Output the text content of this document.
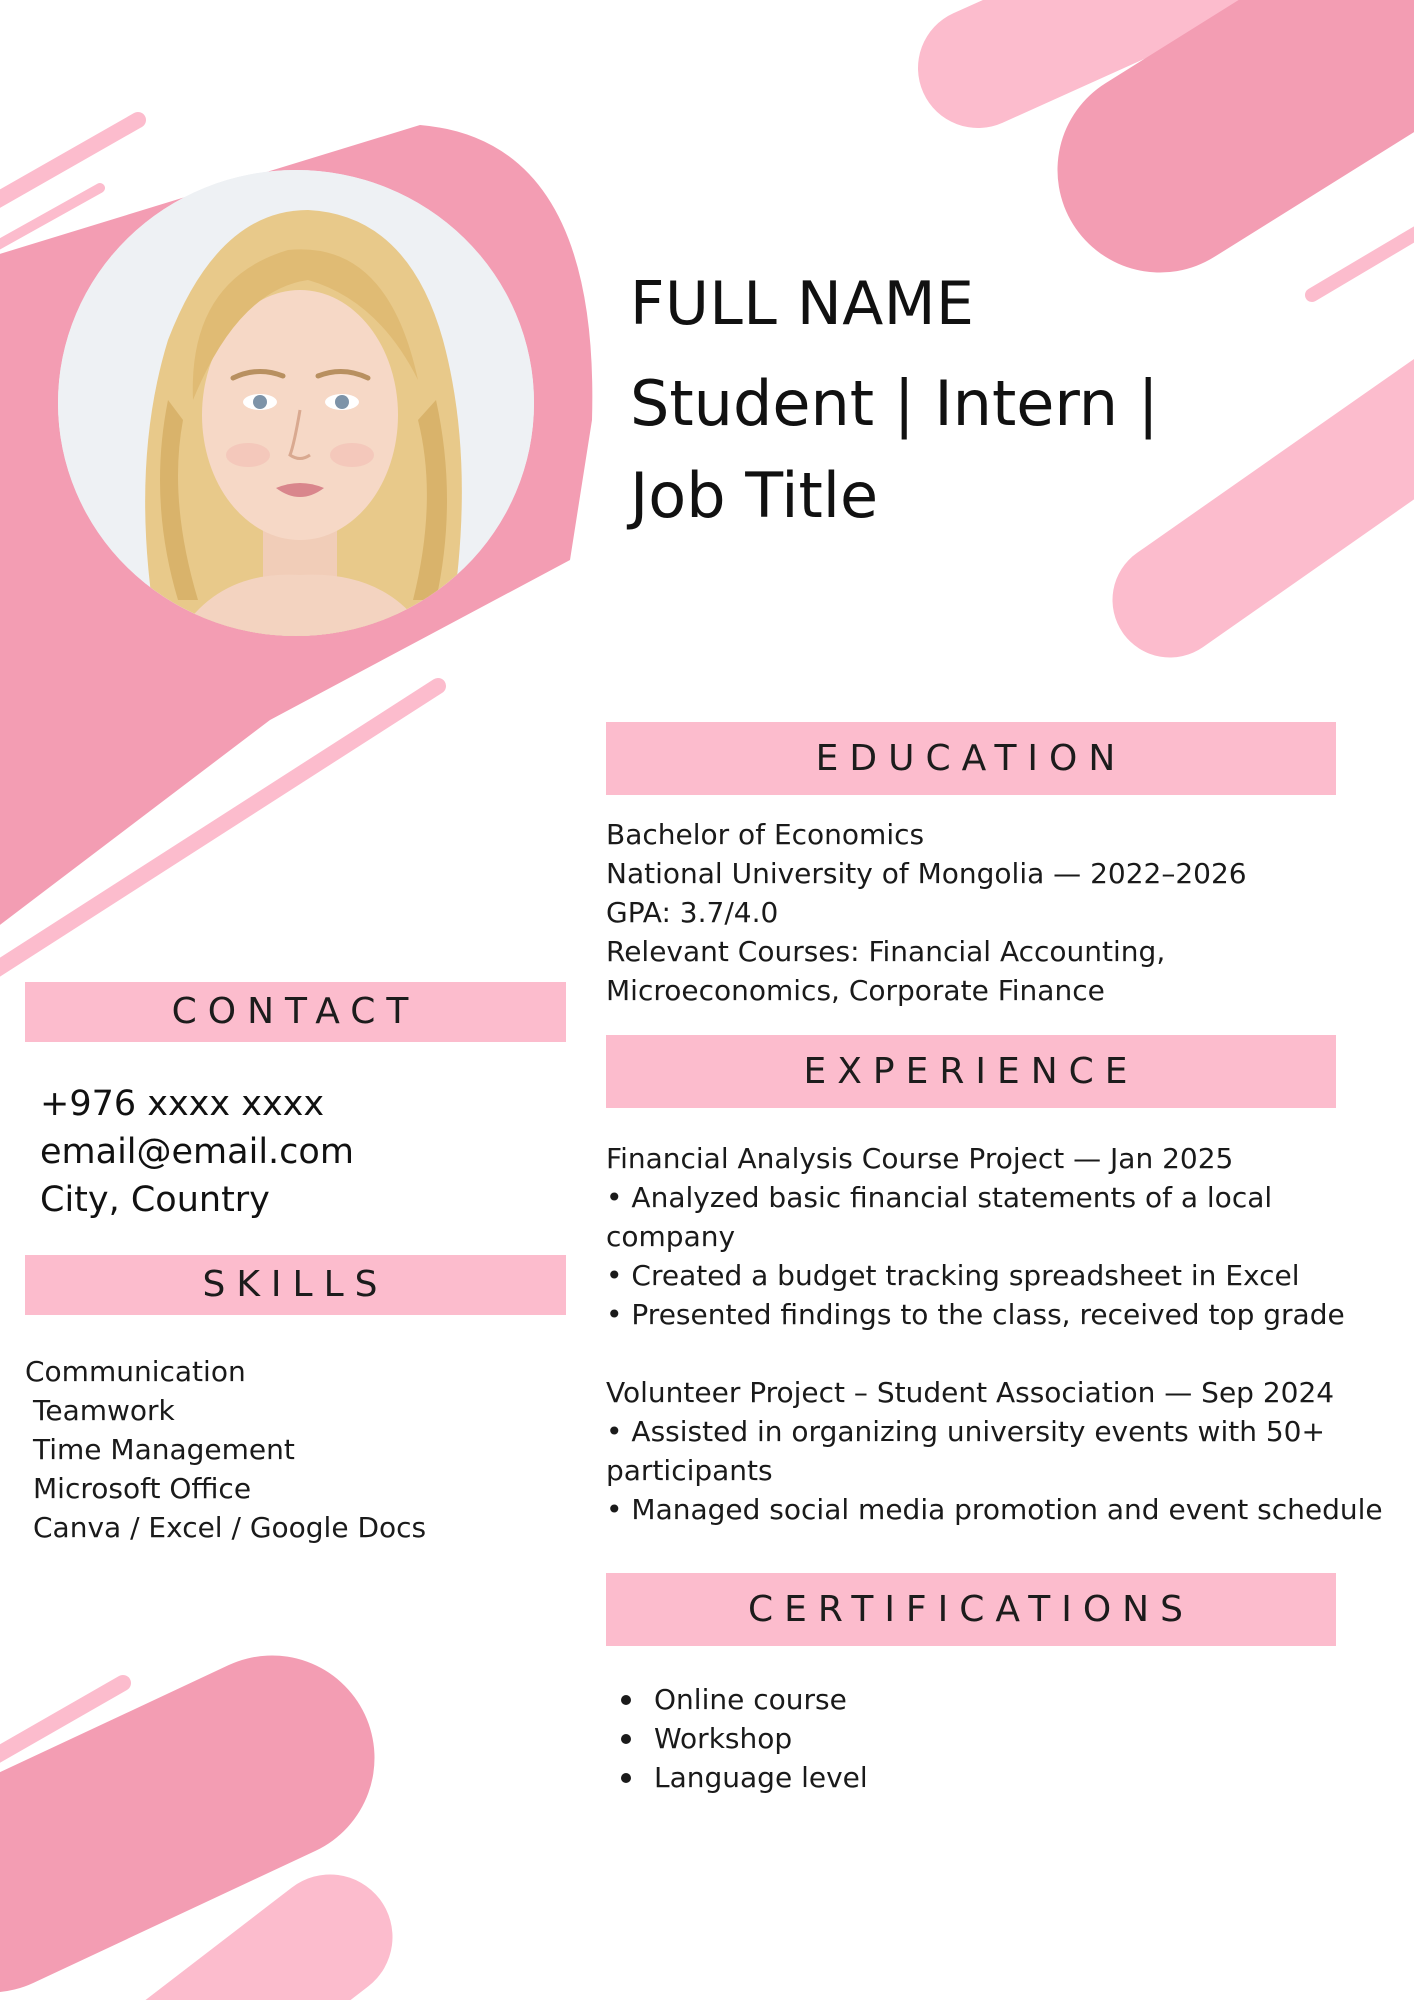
FULL NAME
Student | Intern | Job Title
EDUCATION
Bachelor of Economics
National University of Mongolia — 2022–2026
GPA: 3.7/4.0
Relevant Courses: Financial Accounting,
Microeconomics, Corporate Finance
EXPERIENCE
Financial Analysis Course Project — Jan 2025
• Analyzed basic financial statements of a local company
• Created a budget tracking spreadsheet in Excel
• Presented findings to the class, received top grade
Volunteer Project – Student Association — Sep 2024
• Assisted in organizing university events with 50+ participants
• Managed social media promotion and event schedule
CONTACT
+976 xxxx xxxx
email@email.com
City, Country
SKILLS
Communication
Teamwork
Time Management
Microsoft Office
Canva / Excel / Google Docs
CERTIFICATIONS
Online course
Workshop
Language level
